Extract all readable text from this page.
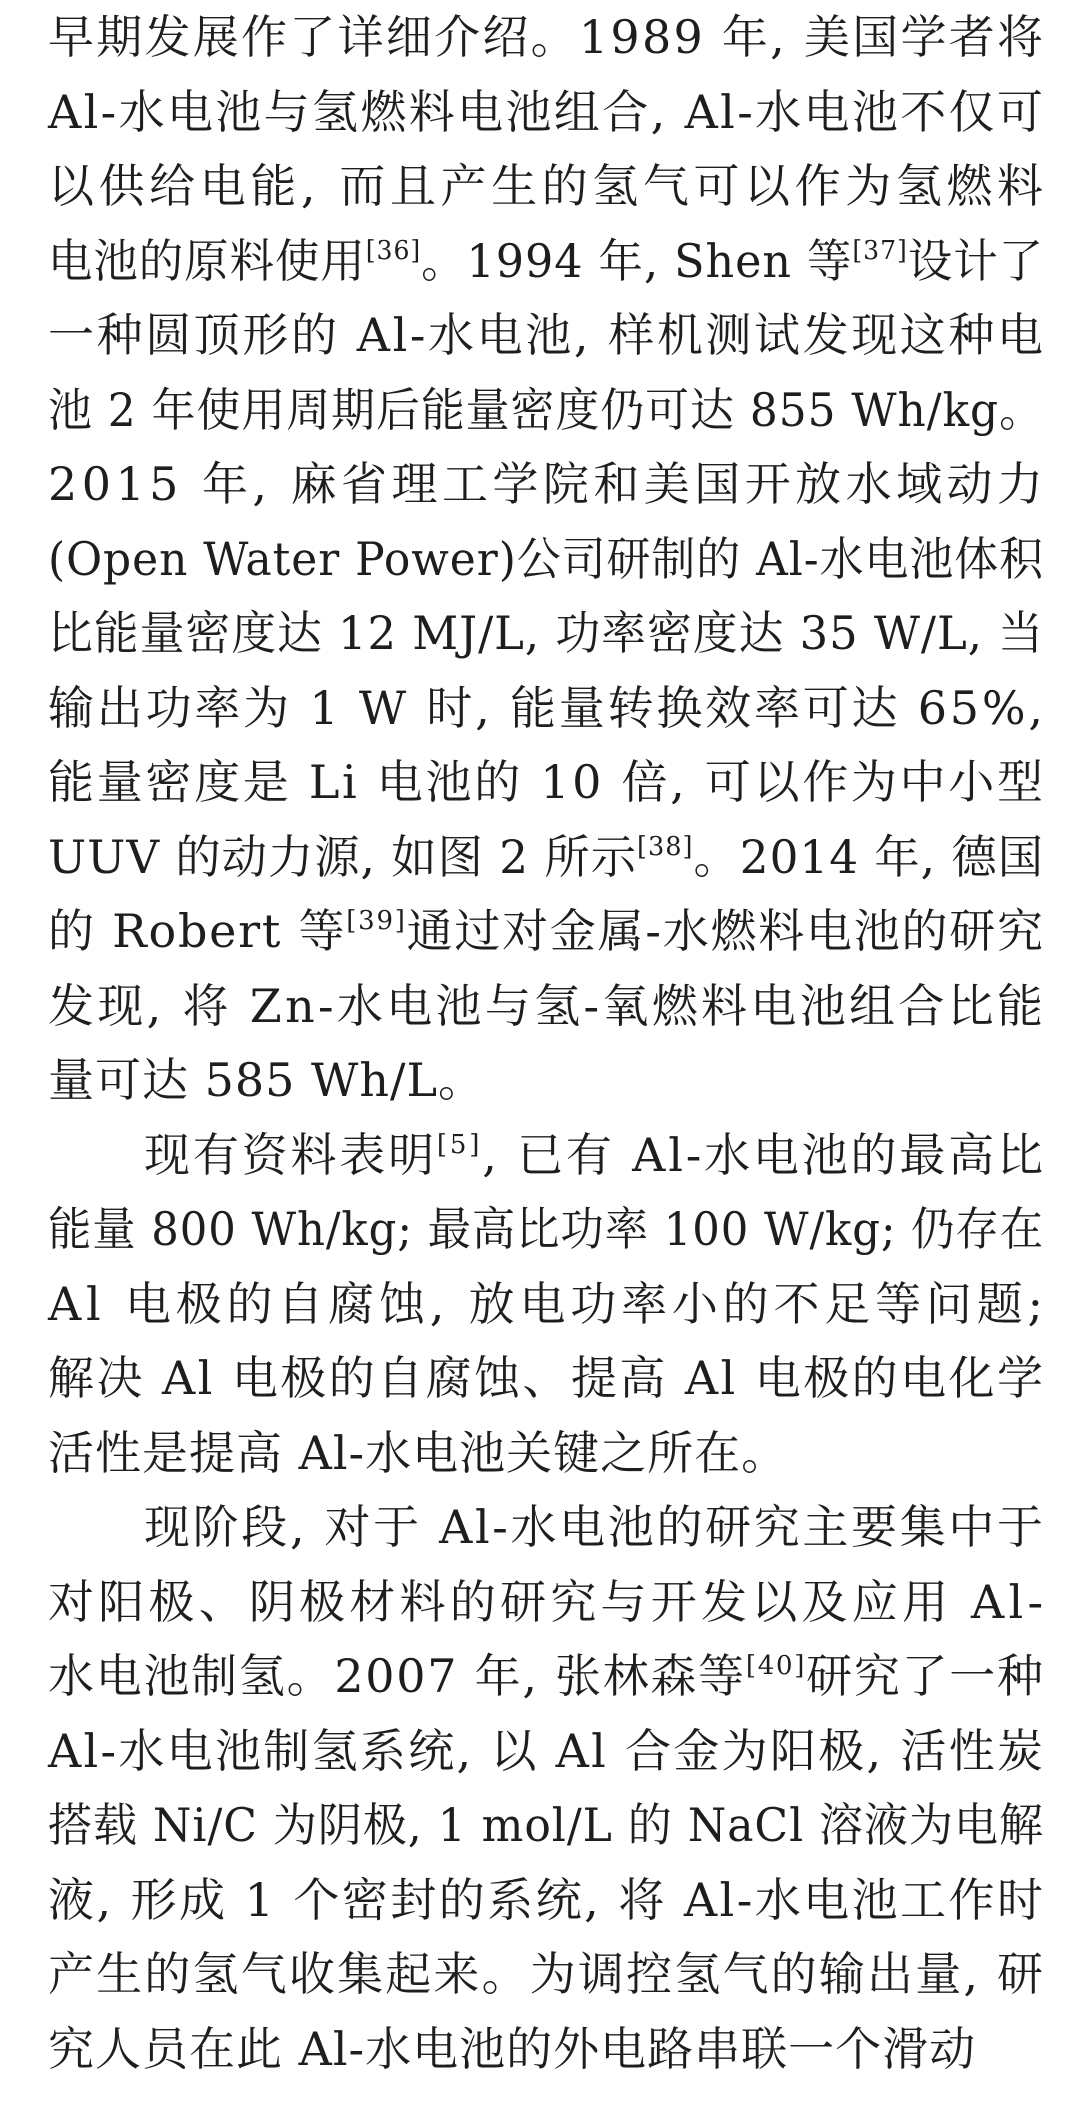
早期发展作了详细介绍。1989 年, 美国学者将
Al-水电池与氢燃料电池组合, Al-水电池不仅可
以供给电能, 而且产生的氢气可以作为氢燃料
电池的原料使用[36]。1994 年, Shen 等[37]设计了
一种圆顶形的 Al-水电池, 样机测试发现这种电
池 2 年使用周期后能量密度仍可达 855 Wh/kg。
2015 年, 麻省理工学院和美国开放水域动力
(Open Water Power)公司研制的 Al-水电池体积
比能量密度达 12 MJ/L, 功率密度达 35 W/L, 当
输出功率为 1 W 时, 能量转换效率可达 65%,
能量密度是 Li 电池的 10 倍, 可以作为中小型
UUV 的动力源, 如图 2 所示[38]。2014 年, 德国
的 Robert 等[39]通过对金属-水燃料电池的研究
发现, 将 Zn-水电池与氢-氧燃料电池组合比能
量可达 585 Wh/L。
现有资料表明[5], 已有 Al-水电池的最高比
能量 800 Wh/kg; 最高比功率 100 W/kg; 仍存在
Al 电极的自腐蚀, 放电功率小的不足等问题;
解决 Al 电极的自腐蚀、提高 Al 电极的电化学
活性是提高 Al-水电池关键之所在。
现阶段, 对于 Al-水电池的研究主要集中于
对阳极、阴极材料的研究与开发以及应用 Al-
水电池制氢。2007 年, 张林森等[40]研究了一种
Al-水电池制氢系统, 以 Al 合金为阳极, 活性炭
搭载 Ni/C 为阴极, 1 mol/L 的 NaCl 溶液为电解
液, 形成 1 个密封的系统, 将 Al-水电池工作时
产生的氢气收集起来。为调控氢气的输出量, 研
究人员在此 Al-水电池的外电路串联一个滑动
